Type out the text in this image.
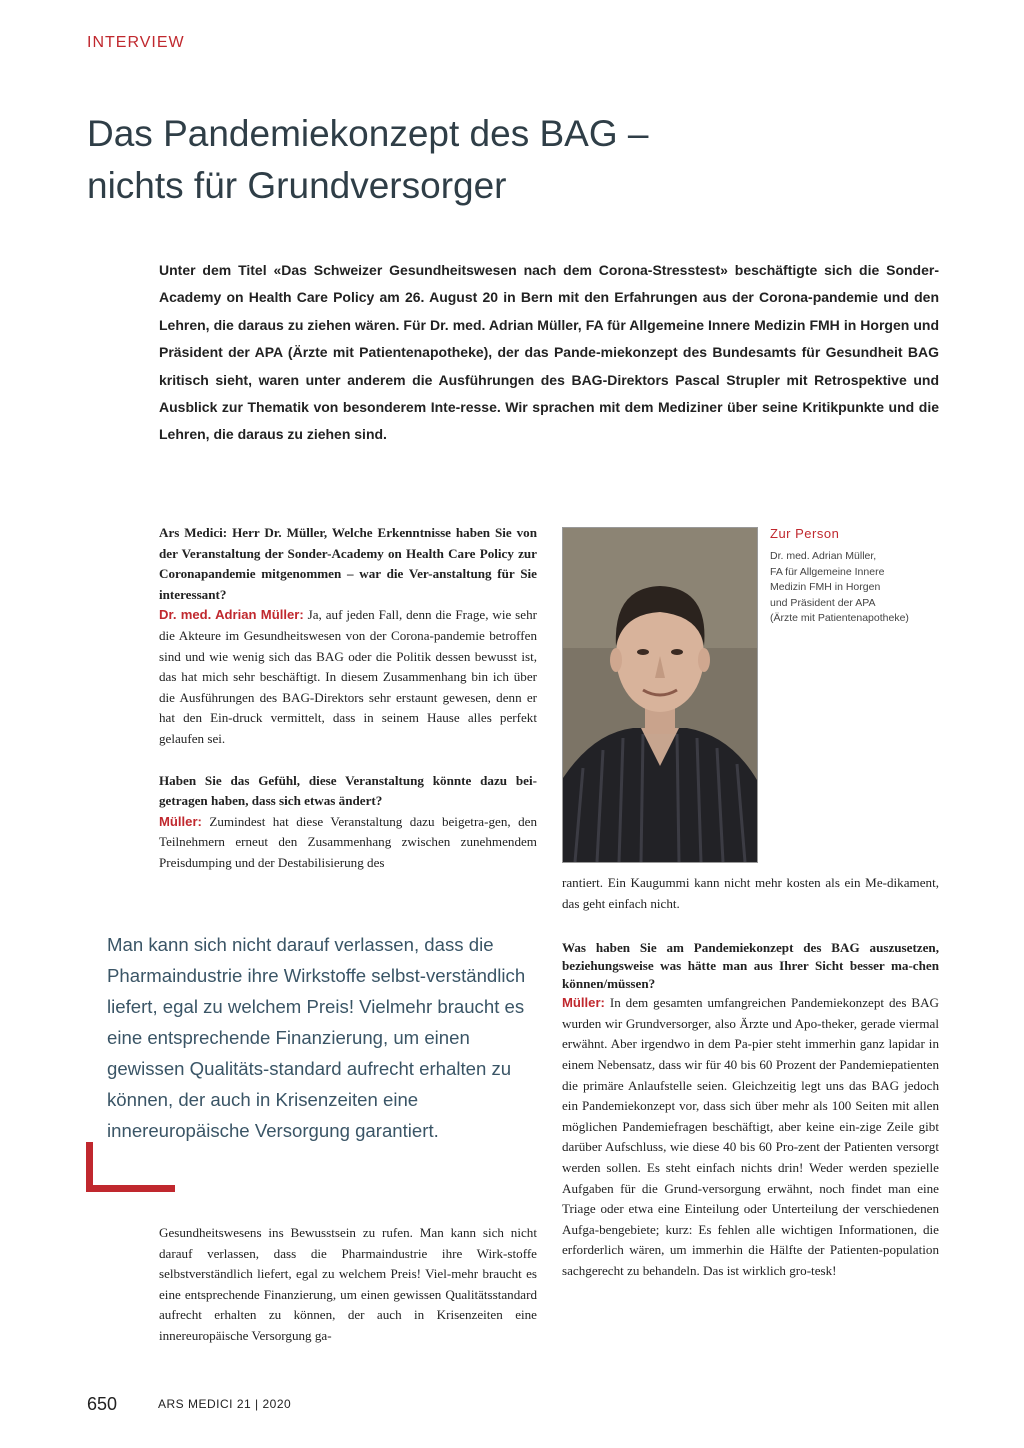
INTERVIEW
Das Pandemiekonzept des BAG –
nichts für Grundversorger

Unter dem Titel «Das Schweizer Gesundheitswesen nach dem Corona-Stresstest» beschäftigte sich die Sonder-Academy on Health Care Policy am 26. August 20 in Bern mit den Erfahrungen aus der Corona-pandemie und den Lehren, die daraus zu ziehen wären. Für Dr. med. Adrian Müller, FA für Allgemeine Innere Medizin FMH in Horgen und Präsident der APA (Ärzte mit Patientenapotheke), der das Pande-miekonzept des Bundesamts für Gesundheit BAG kritisch sieht, waren unter anderem die Ausführungen des BAG-Direktors Pascal Strupler mit Retrospektive und Ausblick zur Thematik von besonderem Inte-resse. Wir sprachen mit dem Mediziner über seine Kritikpunkte und die Lehren, die daraus zu ziehen sind.

Ars Medici: Herr Dr. Müller, Welche Erkenntnisse haben Sie von der Veranstaltung der Sonder-Academy on Health Care Policy zur Coronapandemie mitgenommen – war die Ver-anstaltung für Sie interessant?

Dr. med. Adrian Müller: Ja, auf jeden Fall, denn die Frage, wie sehr die Akteure im Gesundheitswesen von der Corona-pandemie betroffen sind und wie wenig sich das BAG oder die Politik dessen bewusst ist, das hat mich sehr beschäftigt. In diesem Zusammenhang bin ich über die Ausführungen des BAG-Direktors sehr erstaunt gewesen, denn er hat den Ein-druck vermittelt, dass in seinem Hause alles perfekt gelaufen sei.

Haben Sie das Gefühl, diese Veranstaltung könnte dazu bei-getragen haben, dass sich etwas ändert?

Müller: Zumindest hat diese Veranstaltung dazu beigetra-gen, den Teilnehmern erneut den Zusammenhang zwischen zunehmendem Preisdumping und der Destabilisierung des

Zur Person
Dr. med. Adrian Müller,
FA für Allgemeine Innere
Medizin FMH in Horgen
und Präsident der APA
(Ärzte mit Patientenapotheke)

Man kann sich nicht darauf verlassen, dass die Pharmaindustrie ihre Wirkstoffe selbst-verständlich liefert, egal zu welchem Preis! Vielmehr braucht es eine entsprechende Finanzierung, um einen gewissen Qualitäts-standard aufrecht erhalten zu können, der auch in Krisenzeiten eine innereuropäische Versorgung garantiert.

Gesundheitswesens ins Bewusstsein zu rufen. Man kann sich nicht darauf verlassen, dass die Pharmaindustrie ihre Wirk-stoffe selbstverständlich liefert, egal zu welchem Preis! Viel-mehr braucht es eine entsprechende Finanzierung, um einen gewissen Qualitätsstandard aufrecht erhalten zu können, der auch in Krisenzeiten eine innereuropäische Versorgung ga-

rantiert. Ein Kaugummi kann nicht mehr kosten als ein Me-dikament, das geht einfach nicht.

Was haben Sie am Pandemiekonzept des BAG auszusetzen, beziehungsweise was hätte man aus Ihrer Sicht besser ma-chen können/müssen?

Müller: In dem gesamten umfangreichen Pandemiekonzept des BAG wurden wir Grundversorger, also Ärzte und Apo-theker, gerade viermal erwähnt. Aber irgendwo in dem Pa-pier steht immerhin ganz lapidar in einem Nebensatz, dass wir für 40 bis 60 Prozent der Pandemiepatienten die primäre Anlaufstelle seien. Gleichzeitig legt uns das BAG jedoch ein Pandemiekonzept vor, dass sich über mehr als 100 Seiten mit allen möglichen Pandemiefragen beschäftigt, aber keine ein-zige Zeile gibt darüber Aufschluss, wie diese 40 bis 60 Pro-zent der Patienten versorgt werden sollen. Es steht einfach nichts drin! Weder werden spezielle Aufgaben für die Grund-versorgung erwähnt, noch findet man eine Triage oder etwa eine Einteilung oder Unterteilung der verschiedenen Aufga-bengebiete; kurz: Es fehlen alle wichtigen Informationen, die erforderlich wären, um immerhin die Hälfte der Patienten-population sachgerecht zu behandeln. Das ist wirklich gro-tesk!

650	ARS MEDICI 21 | 2020
